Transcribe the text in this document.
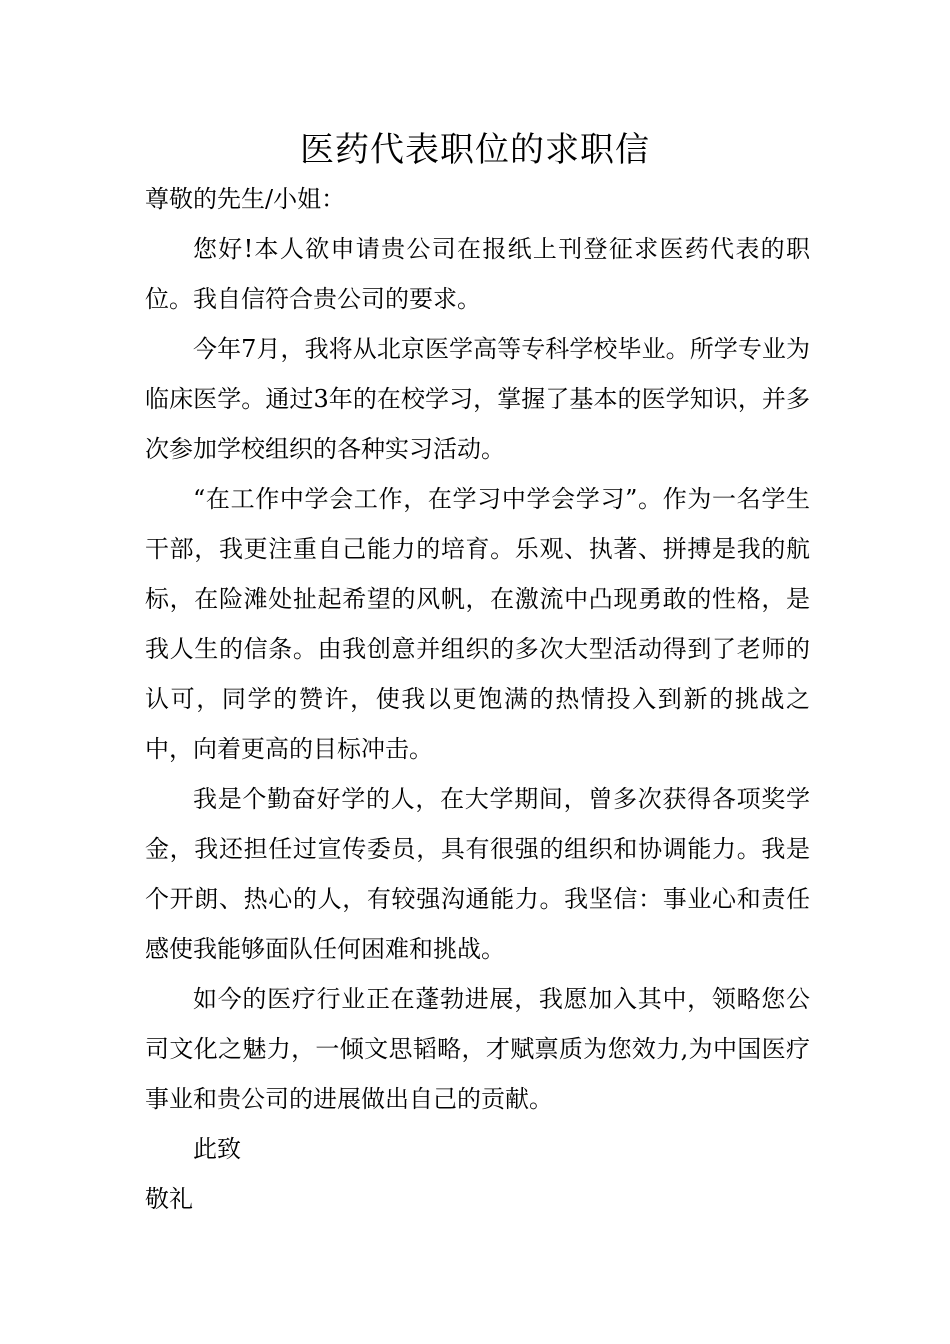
医药代表职位的求职信

尊敬的先生/小姐：

您好!本人欲申请贵公司在报纸上刊登征求医药代表的职位。我自信符合贵公司的要求。

今年7月，我将从北京医学高等专科学校毕业。所学专业为临床医学。通过3年的在校学习，掌握了基本的医学知识，并多次参加学校组织的各种实习活动。

“在工作中学会工作，在学习中学会学习”。作为一名学生干部，我更注重自己能力的培育。乐观、执著、拼搏是我的航标，在险滩处扯起希望的风帆，在激流中凸现勇敢的性格，是我人生的信条。由我创意并组织的多次大型活动得到了老师的认可，同学的赞许，使我以更饱满的热情投入到新的挑战之中，向着更高的目标冲击。

我是个勤奋好学的人，在大学期间，曾多次获得各项奖学金，我还担任过宣传委员，具有很强的组织和协调能力。我是个开朗、热心的人，有较强沟通能力。我坚信：事业心和责任感使我能够面队任何困难和挑战。

如今的医疗行业正在蓬勃进展，我愿加入其中，领略您公司文化之魅力，一倾文思韬略，才赋禀质为您效力,为中国医疗事业和贵公司的进展做出自己的贡献。

此致

敬礼
